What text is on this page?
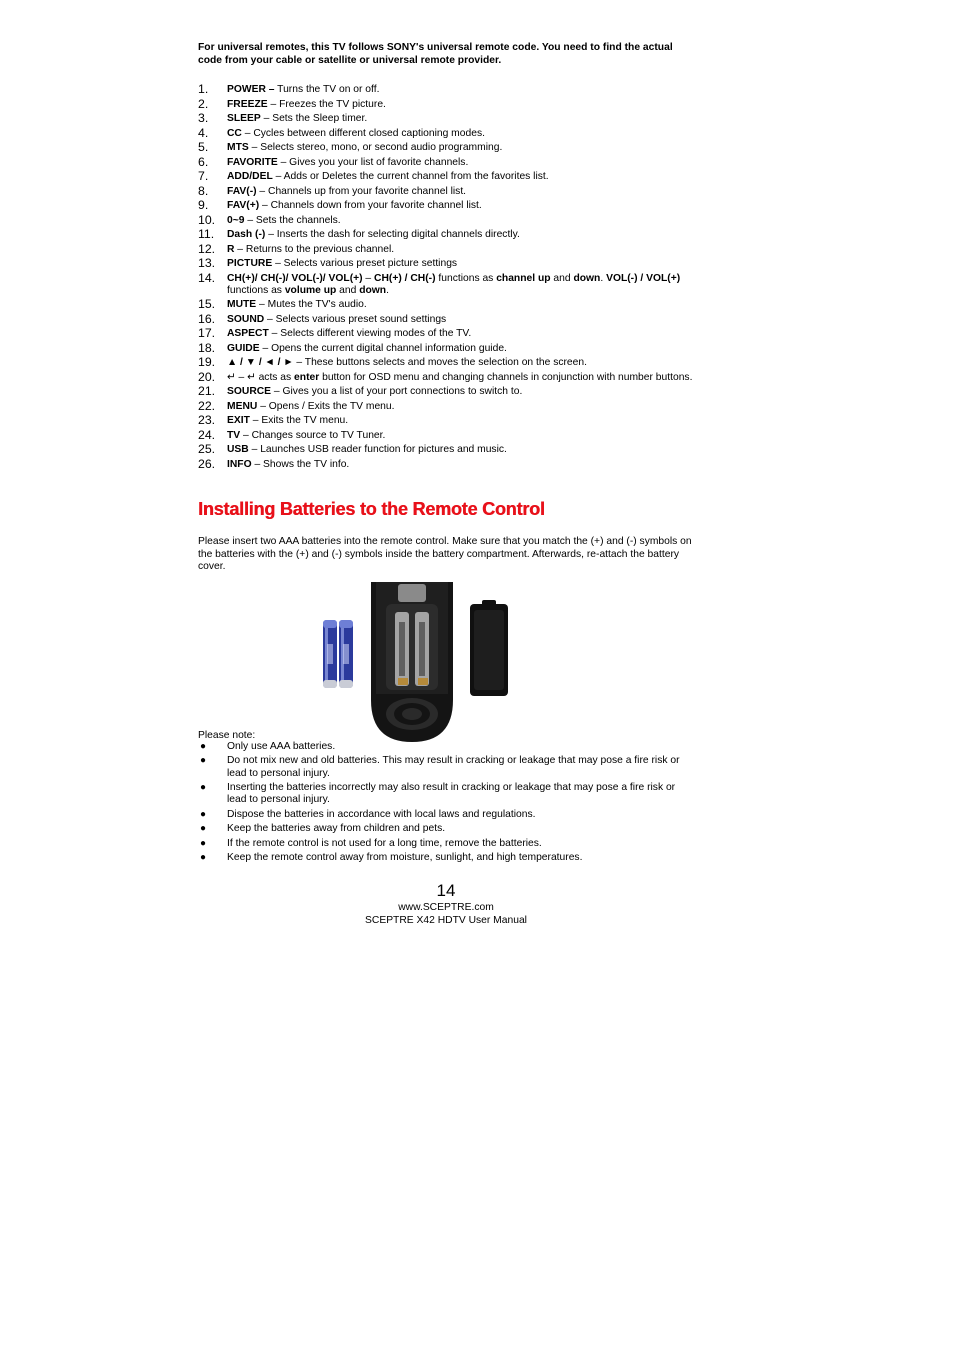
For universal remotes, this TV follows SONY's universal remote code. You need to find the actual code from your cable or satellite or universal remote provider.

1. POWER – Turns the TV on or off.
2. FREEZE – Freezes the TV picture.
3. SLEEP – Sets the Sleep timer.
4. CC – Cycles between different closed captioning modes.
5. MTS – Selects stereo, mono, or second audio programming.
6. FAVORITE – Gives you your list of favorite channels.
7. ADD/DEL – Adds or Deletes the current channel from the favorites list.
8. FAV(-) – Channels up from your favorite channel list.
9. FAV(+) – Channels down from your favorite channel list.
10. 0~9 – Sets the channels.
11. Dash (-) – Inserts the dash for selecting digital channels directly.
12. R – Returns to the previous channel.
13. PICTURE – Selects various preset picture settings
14. CH(+)/ CH(-)/ VOL(-)/ VOL(+) – CH(+) / CH(-) functions as channel up and down. VOL(-) / VOL(+) functions as volume up and down.
15. MUTE – Mutes the TV's audio.
16. SOUND – Selects various preset sound settings
17. ASPECT – Selects different viewing modes of the TV.
18. GUIDE – Opens the current digital channel information guide.
19. ▲ / ▼ / ◄ / ► – These buttons selects and moves the selection on the screen.
20. ↵ – ↵ acts as enter button for OSD menu and changing channels in conjunction with number buttons.
21. SOURCE – Gives you a list of your port connections to switch to.
22. MENU – Opens / Exits the TV menu.
23. EXIT – Exits the TV menu.
24. TV – Changes source to TV Tuner.
25. USB – Launches USB reader function for pictures and music.
26. INFO – Shows the TV info.
Installing Batteries to the Remote Control

Please insert two AAA batteries into the remote control. Make sure that you match the (+) and (-) symbols on the batteries with the (+) and (-) symbols inside the battery compartment. Afterwards, re-attach the battery cover.

Please note:

● Only use AAA batteries.
● Do not mix new and old batteries. This may result in cracking or leakage that may pose a fire risk or lead to personal injury.
● Inserting the batteries incorrectly may also result in cracking or leakage that may pose a fire risk or lead to personal injury.
● Dispose the batteries in accordance with local laws and regulations.
● Keep the batteries away from children and pets.
● If the remote control is not used for a long time, remove the batteries.
● Keep the remote control away from moisture, sunlight, and high temperatures.
14
www.SCEPTRE.com
SCEPTRE X42 HDTV User Manual
